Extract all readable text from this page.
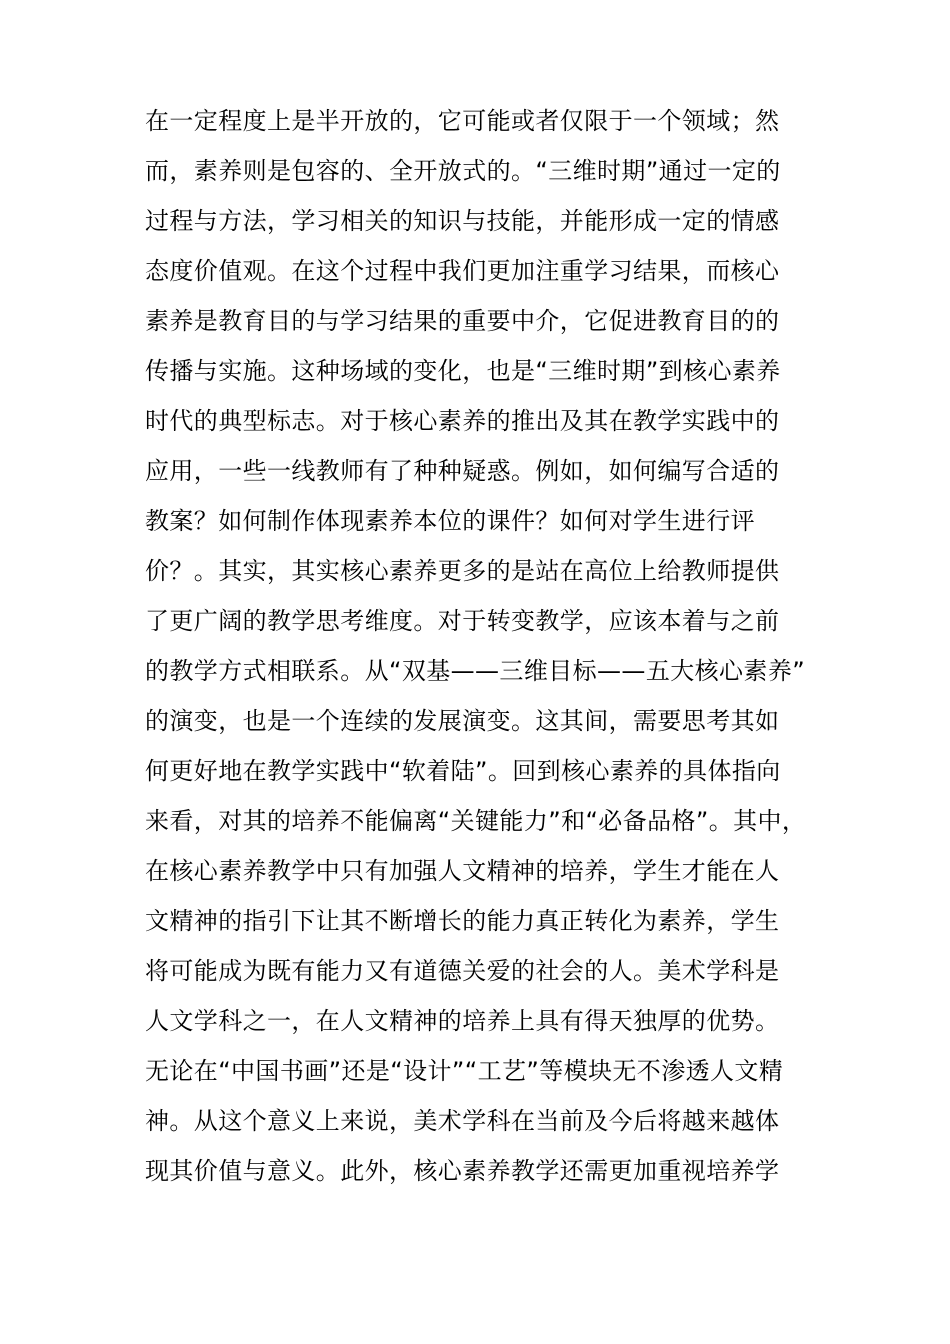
在一定程度上是半开放的，它可能或者仅限于一个领域；然
而，素养则是包容的、全开放式的。“三维时期”通过一定的
过程与方法，学习相关的知识与技能，并能形成一定的情感
态度价值观。在这个过程中我们更加注重学习结果，而核心
素养是教育目的与学习结果的重要中介，它促进教育目的的
传播与实施。这种场域的变化，也是“三维时期”到核心素养
时代的典型标志。对于核心素养的推出及其在教学实践中的
应用，一些一线教师有了种种疑惑。例如，如何编写合适的
教案？如何制作体现素养本位的课件？如何对学生进行评
价？。其实，其实核心素养更多的是站在高位上给教师提供
了更广阔的教学思考维度。对于转变教学，应该本着与之前
的教学方式相联系。从“双基——三维目标——五大核心素养”
的演变，也是一个连续的发展演变。这其间，需要思考其如
何更好地在教学实践中“软着陆”。回到核心素养的具体指向
来看，对其的培养不能偏离“关键能力”和“必备品格”。其中，
在核心素养教学中只有加强人文精神的培养，学生才能在人
文精神的指引下让其不断增长的能力真正转化为素养，学生
将可能成为既有能力又有道德关爱的社会的人。美术学科是
人文学科之一，在人文精神的培养上具有得天独厚的优势。
无论在“中国书画”还是“设计”“工艺”等模块无不渗透人文精
神。从这个意义上来说，美术学科在当前及今后将越来越体
现其价值与意义。此外，核心素养教学还需更加重视培养学
